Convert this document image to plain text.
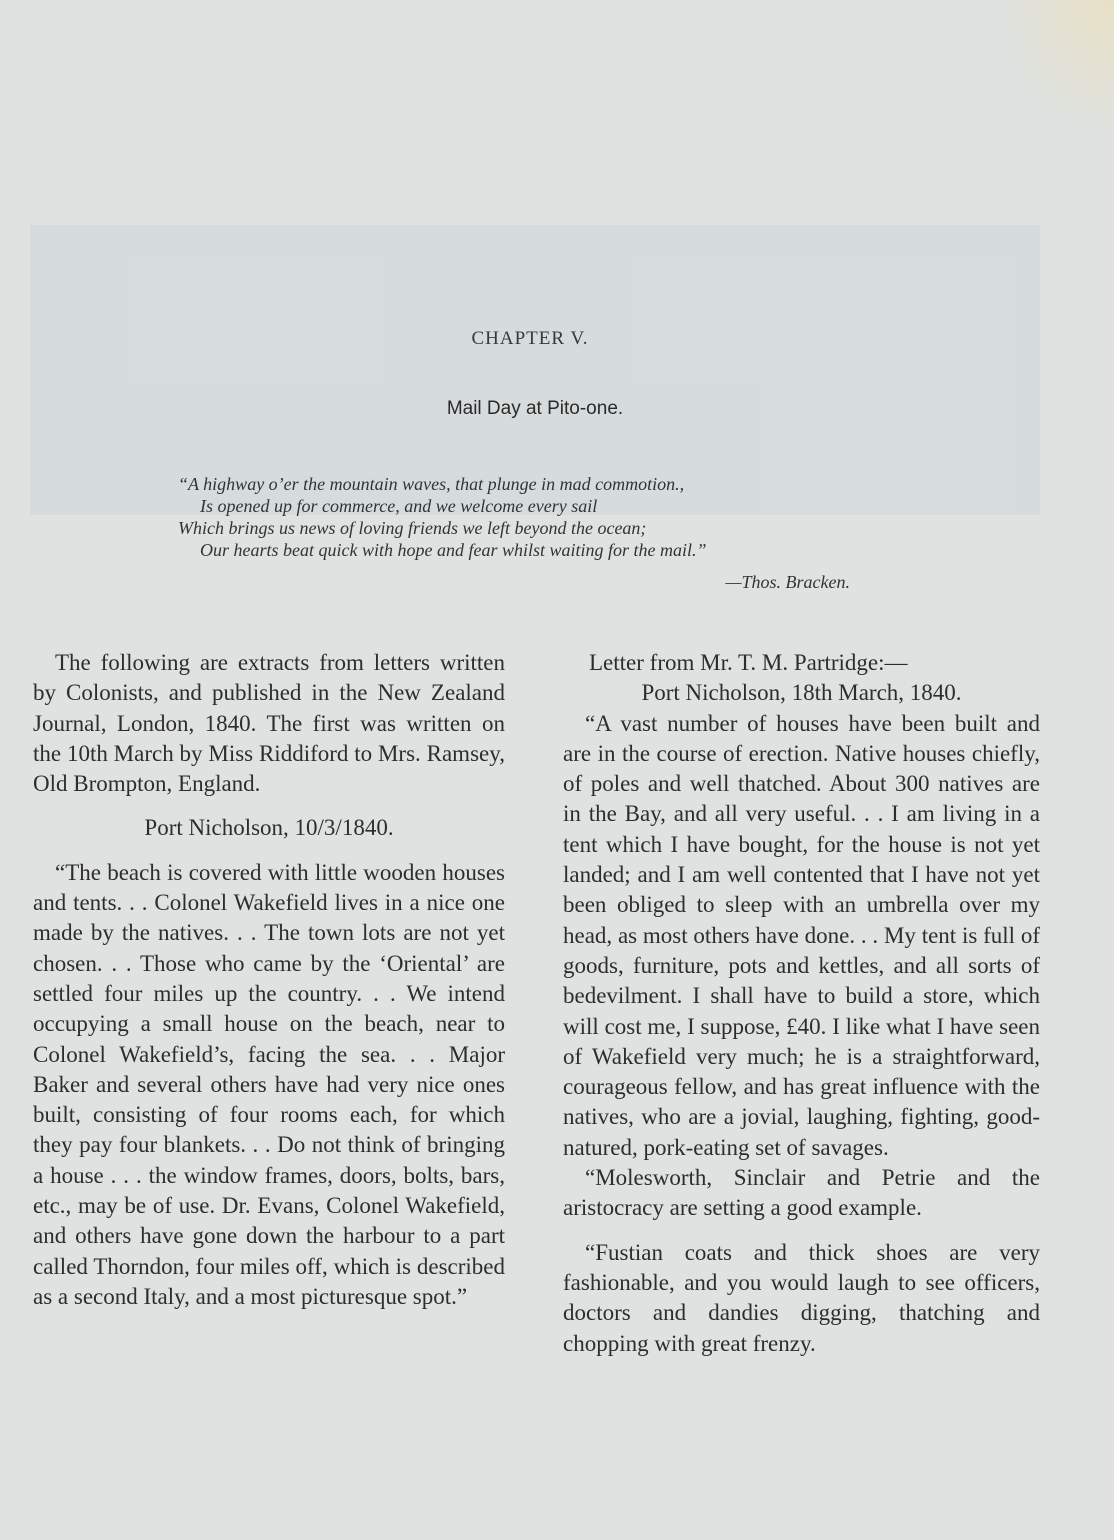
CHAPTER V.
Mail Day at Pito-one.
“A highway o’er the mountain waves, that plunge in mad commotion.,
Is opened up for commerce, and we welcome every sail
Which brings us news of loving friends we left beyond the ocean;
Our hearts beat quick with hope and fear whilst waiting for the mail.”
—Thos. Bracken.

The following are extracts from letters written by Colonists, and published in the New Zealand Journal, London, 1840. The first was written on the 10th March by Miss Riddiford to Mrs. Ramsey, Old Brompton, England.

Port Nicholson, 10/3/1840.

“The beach is covered with little wooden houses and tents. . . Colonel Wakefield lives in a nice one made by the natives. . . The town lots are not yet chosen. . . Those who came by the ‘Oriental’ are settled four miles up the country. . . We intend occupying a small house on the beach, near to Colonel Wakefield’s, facing the sea. . . Major Baker and several others have had very nice ones built, consisting of four rooms each, for which they pay four blankets. . . Do not think of bringing a house . . . the window frames, doors, bolts, bars, etc., may be of use. Dr. Evans, Colonel Wakefield, and others have gone down the harbour to a part called Thorndon, four miles off, which is described as a second Italy, and a most picturesque spot.”

Letter from Mr. T. M. Partridge:—

Port Nicholson, 18th March, 1840.

“A vast number of houses have been built and are in the course of erection. Native houses chiefly, of poles and well thatched. About 300 natives are in the Bay, and all very useful. . . I am living in a tent which I have bought, for the house is not yet landed; and I am well contented that I have not yet been obliged to sleep with an umbrella over my head, as most others have done. . . My tent is full of goods, furniture, pots and kettles, and all sorts of bedevilment. I shall have to build a store, which will cost me, I suppose, £40. I like what I have seen of Wakefield very much; he is a straightforward, courageous fellow, and has great influence with the natives, who are a jovial, laughing, fighting, good-natured, pork-eating set of savages.

“Molesworth, Sinclair and Petrie and the aristocracy are setting a good example.

“Fustian coats and thick shoes are very fashionable, and you would laugh to see officers, doctors and dandies digging, thatching and chopping with great frenzy.
